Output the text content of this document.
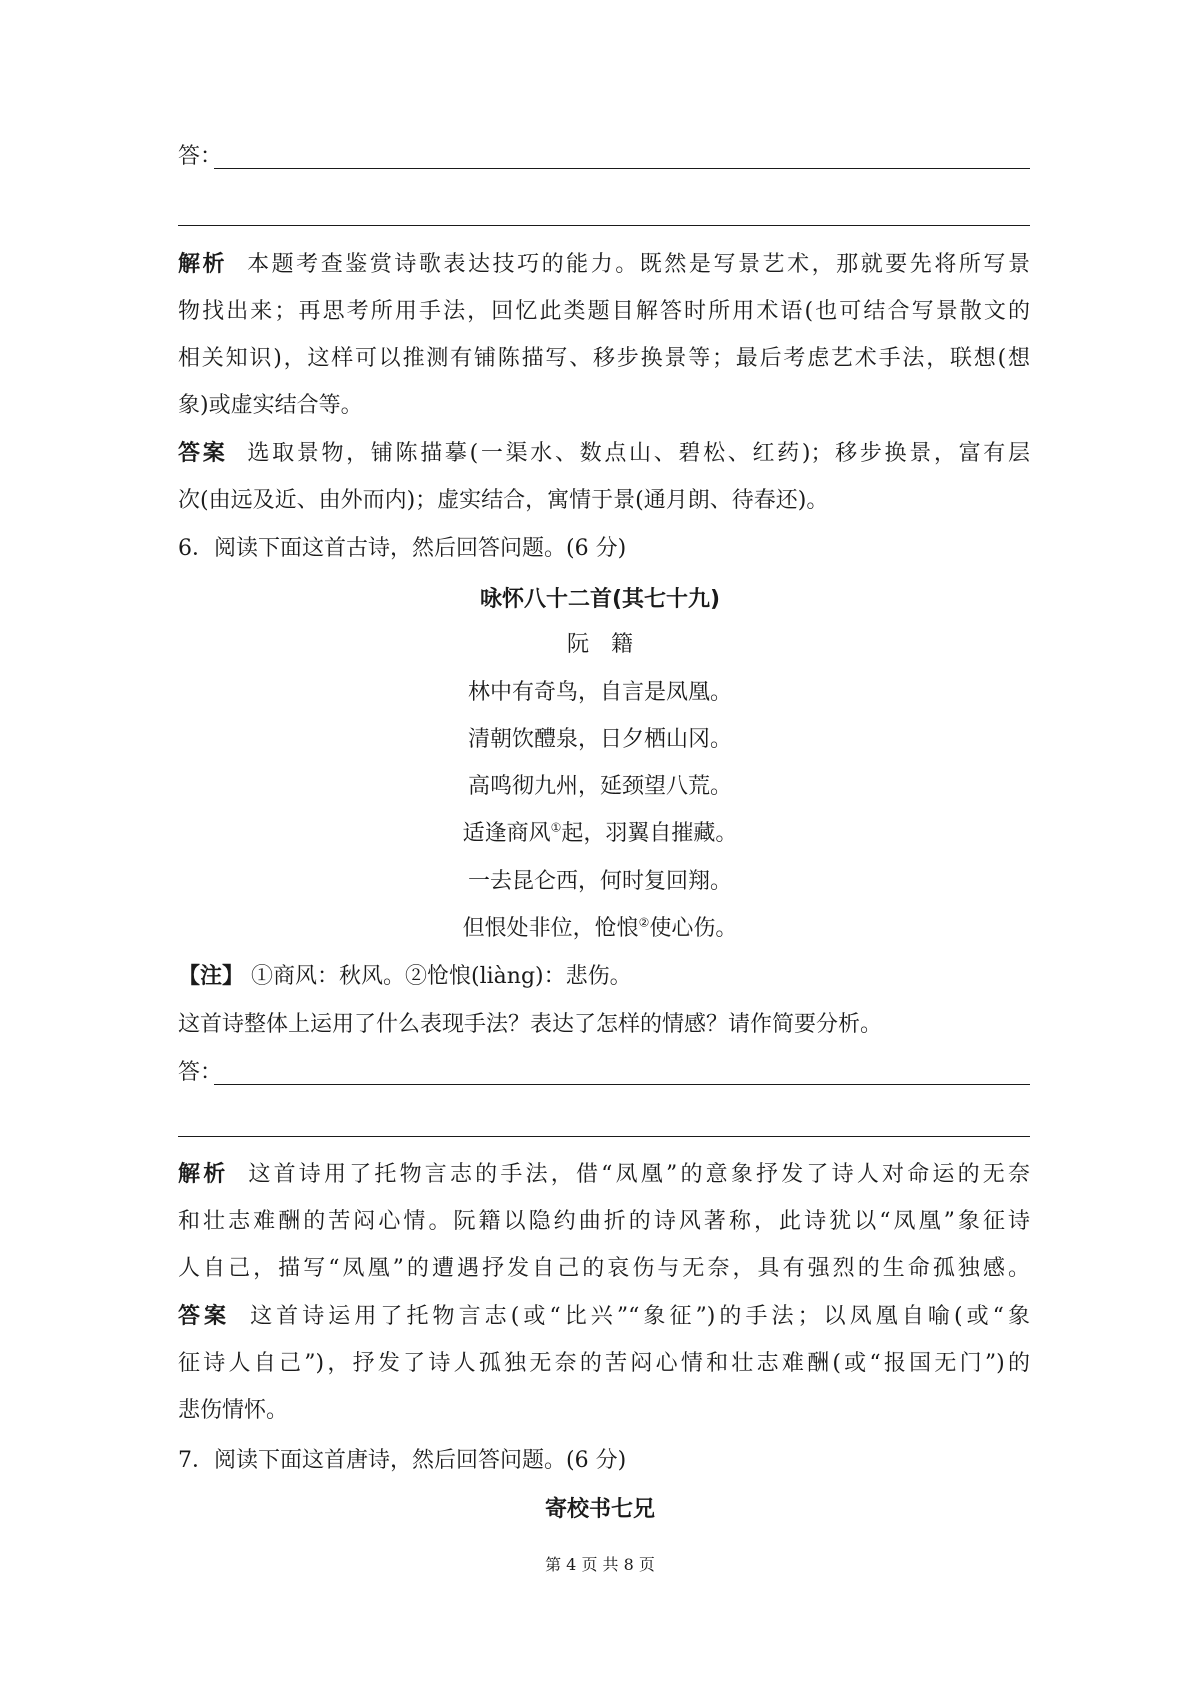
答：
解析 本题考查鉴赏诗歌表达技巧的能力。既然是写景艺术，那就要先将所写景
物找出来；再思考所用手法，回忆此类题目解答时所用术语(也可结合写景散文的
相关知识)，这样可以推测有铺陈描写、移步换景等；最后考虑艺术手法，联想(想
象)或虚实结合等。
答案 选取景物，铺陈描摹(一渠水、数点山、碧松、红药)；移步换景，富有层
次(由远及近、由外而内)；虚实结合，寓情于景(通月朗、待春还)。
6．阅读下面这首古诗，然后回答问题。(6 分)
咏怀八十二首(其七十九)
阮　籍
林中有奇鸟，自言是凤凰。
清朝饮醴泉，日夕栖山冈。
高鸣彻九州，延颈望八荒。
适逢商风①起，羽翼自摧藏。
一去昆仑西，何时复回翔。
但恨处非位，怆悢②使心伤。
【注】 ①商风：秋风。②怆悢(liàng)：悲伤。
这首诗整体上运用了什么表现手法？表达了怎样的情感？请作简要分析。
答：
解析 这首诗用了托物言志的手法，借“凤凰”的意象抒发了诗人对命运的无奈
和壮志难酬的苦闷心情。阮籍以隐约曲折的诗风著称，此诗犹以“凤凰”象征诗
人自己，描写“凤凰”的遭遇抒发自己的哀伤与无奈，具有强烈的生命孤独感。
答案 这首诗运用了托物言志(或“比兴”“象征”)的手法；以凤凰自喻(或“象
征诗人自己”)，抒发了诗人孤独无奈的苦闷心情和壮志难酬(或“报国无门”)的
悲伤情怀。
7．阅读下面这首唐诗，然后回答问题。(6 分)
寄校书七兄
第 4 页 共 8 页
